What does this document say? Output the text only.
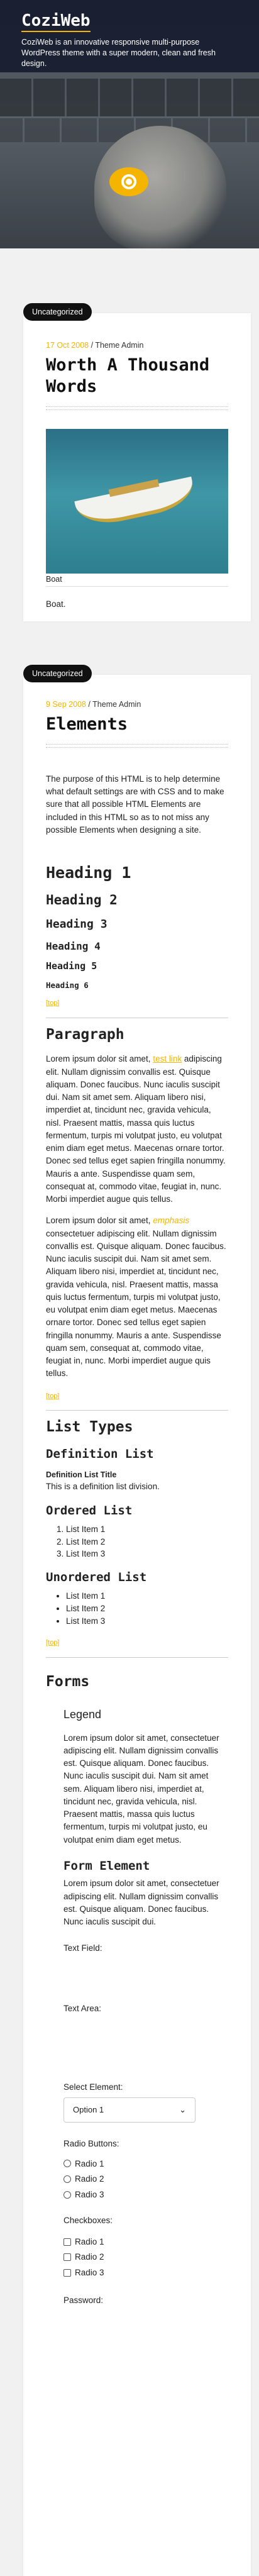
CoziWeb

CoziWeb is an innovative responsive multi-purpose WordPress theme with a super modern, clean and fresh design.

Uncategorized
17 Oct 2008 / Theme Admin
Worth A Thousand Words
Boat

Boat.

Uncategorized
9 Sep 2008 / Theme Admin
Elements

The purpose of this HTML is to help determine what default settings are with CSS and to make sure that all possible HTML Elements are included in this HTML so as to not miss any possible Elements when designing a site.

Heading 1
Heading 2
Heading 3
Heading 4
Heading 5
Heading 6
[top]
Paragraph

Lorem ipsum dolor sit amet, test link adipiscing elit. Nullam dignissim convallis est. Quisque aliquam. Donec faucibus. Nunc iaculis suscipit dui. Nam sit amet sem. Aliquam libero nisi, imperdiet at, tincidunt nec, gravida vehicula, nisl. Praesent mattis, massa quis luctus fermentum, turpis mi volutpat justo, eu volutpat enim diam eget metus. Maecenas ornare tortor. Donec sed tellus eget sapien fringilla nonummy. Mauris a ante. Suspendisse quam sem, consequat at, commodo vitae, feugiat in, nunc. Morbi imperdiet augue quis tellus.

Lorem ipsum dolor sit amet, emphasis consectetuer adipiscing elit. Nullam dignissim convallis est. Quisque aliquam. Donec faucibus. Nunc iaculis suscipit dui. Nam sit amet sem. Aliquam libero nisi, imperdiet at, tincidunt nec, gravida vehicula, nisl. Praesent mattis, massa quis luctus fermentum, turpis mi volutpat justo, eu volutpat enim diam eget metus. Maecenas ornare tortor. Donec sed tellus eget sapien fringilla nonummy. Mauris a ante. Suspendisse quam sem, consequat at, commodo vitae, feugiat in, nunc. Morbi imperdiet augue quis tellus.

[top]
List Types
Definition List
Definition List Title
This is a definition list division.
Ordered List
1. List Item 1
2. List Item 2
3. List Item 3
Unordered List
• List Item 1
• List Item 2
• List Item 3
[top]
Forms
Legend

Lorem ipsum dolor sit amet, consectetuer adipiscing elit. Nullam dignissim convallis est. Quisque aliquam. Donec faucibus. Nunc iaculis suscipit dui. Nam sit amet sem. Aliquam libero nisi, imperdiet at, tincidunt nec, gravida vehicula, nisl. Praesent mattis, massa quis luctus fermentum, turpis mi volutpat justo, eu volutpat enim diam eget metus.

Form Element

Lorem ipsum dolor sit amet, consectetuer adipiscing elit. Nullam dignissim convallis est. Quisque aliquam. Donec faucibus. Nunc iaculis suscipit dui.

Text Field:
Text Area:
Select Element:
Option 1	⌄
Radio Buttons:
Radio 1
Radio 2
Radio 3
Checkboxes:
Radio 1
Radio 2
Radio 3
Password:
